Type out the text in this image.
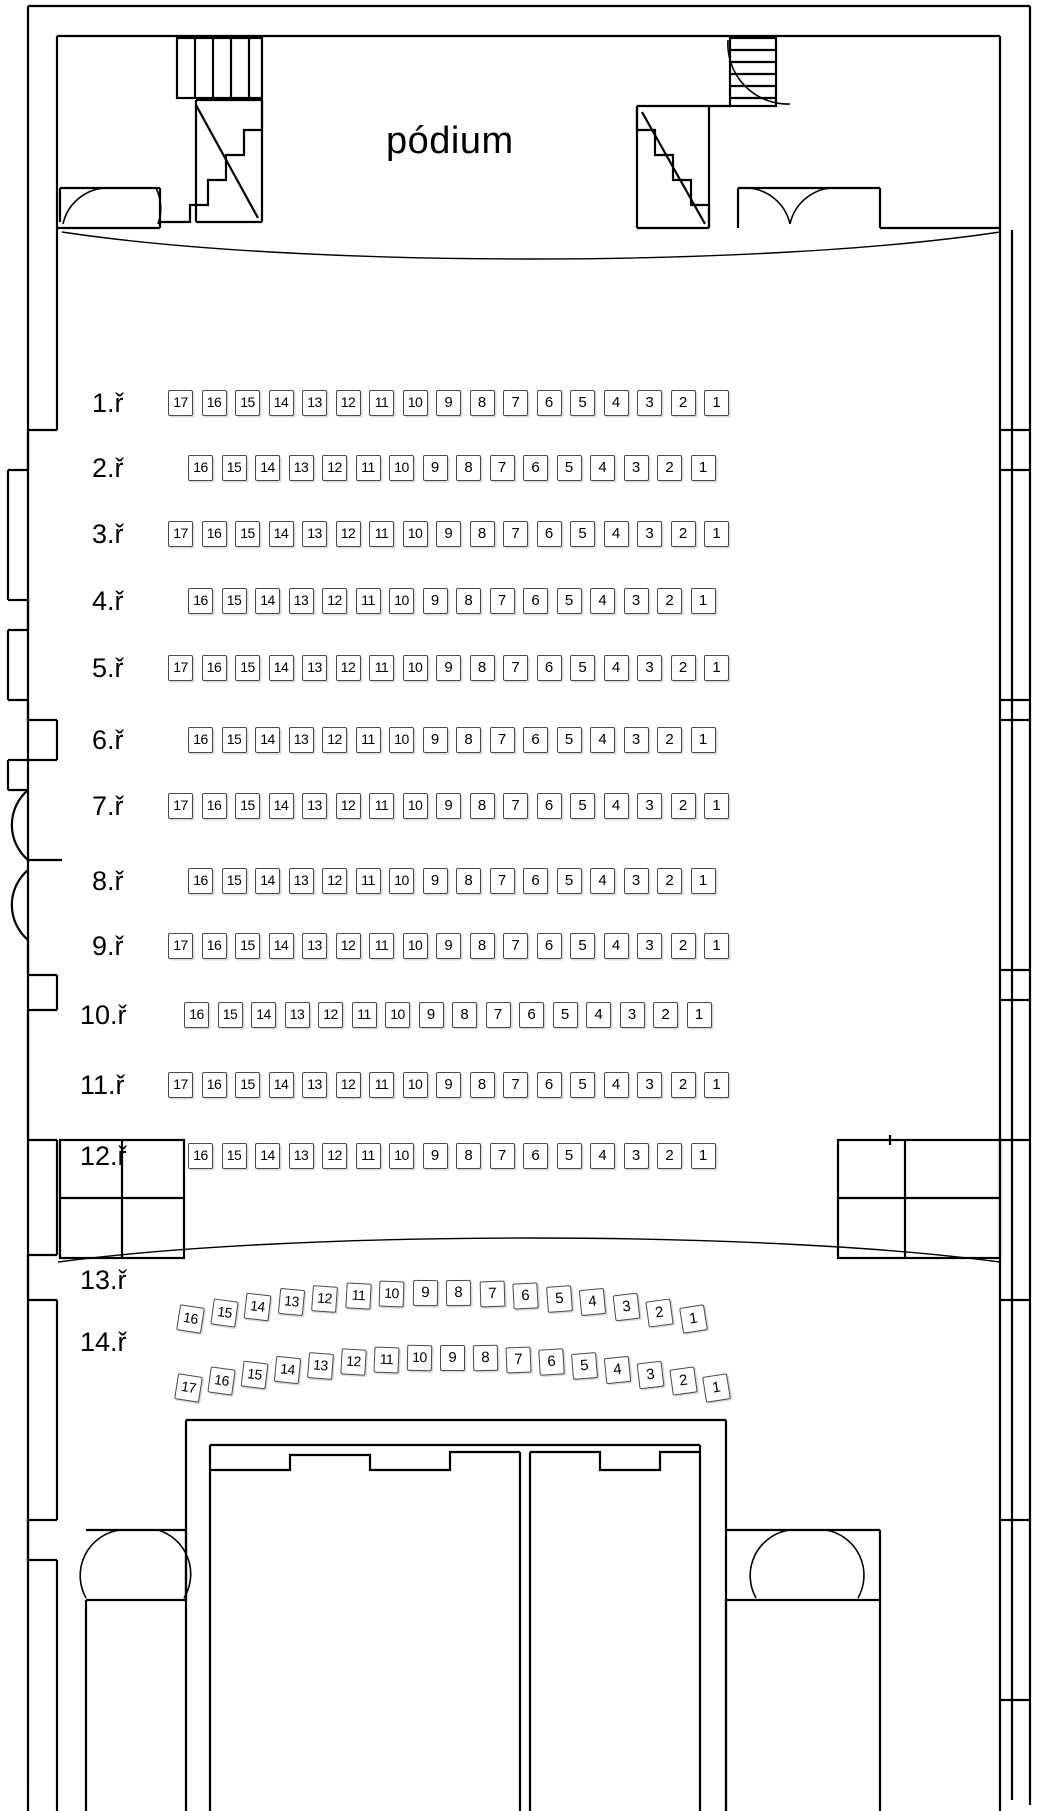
pódium
1.ř	17	16	15	14	13	12	11	10	9	8	7	6	5	4	3	2	1
2.ř	16	15	14	13	12	11	10	9	8	7	6	5	4	3	2	1
3.ř	17	16	15	14	13	12	11	10	9	8	7	6	5	4	3	2	1
4.ř	16	15	14	13	12	11	10	9	8	7	6	5	4	3	2	1
5.ř	17	16	15	14	13	12	11	10	9	8	7	6	5	4	3	2	1
6.ř	16	15	14	13	12	11	10	9	8	7	6	5	4	3	2	1
7.ř	17	16	15	14	13	12	11	10	9	8	7	6	5	4	3	2	1
8.ř	16	15	14	13	12	11	10	9	8	7	6	5	4	3	2	1
9.ř	17	16	15	14	13	12	11	10	9	8	7	6	5	4	3	2	1
10.ř	16	15	14	13	12	11	10	9	8	7	6	5	4	3	2	1
11.ř	17	16	15	14	13	12	11	10	9	8	7	6	5	4	3	2	1
12.ř	16	15	14	13	12	11	10	9	8	7	6	5	4	3	2	1
13.ř
16	15	14	13	12	11	10	9	8	7	6	5	4	3	2	1
14.ř
17	16	15	14	13	12	11	10	9	8	7	6	5	4	3	2	1
